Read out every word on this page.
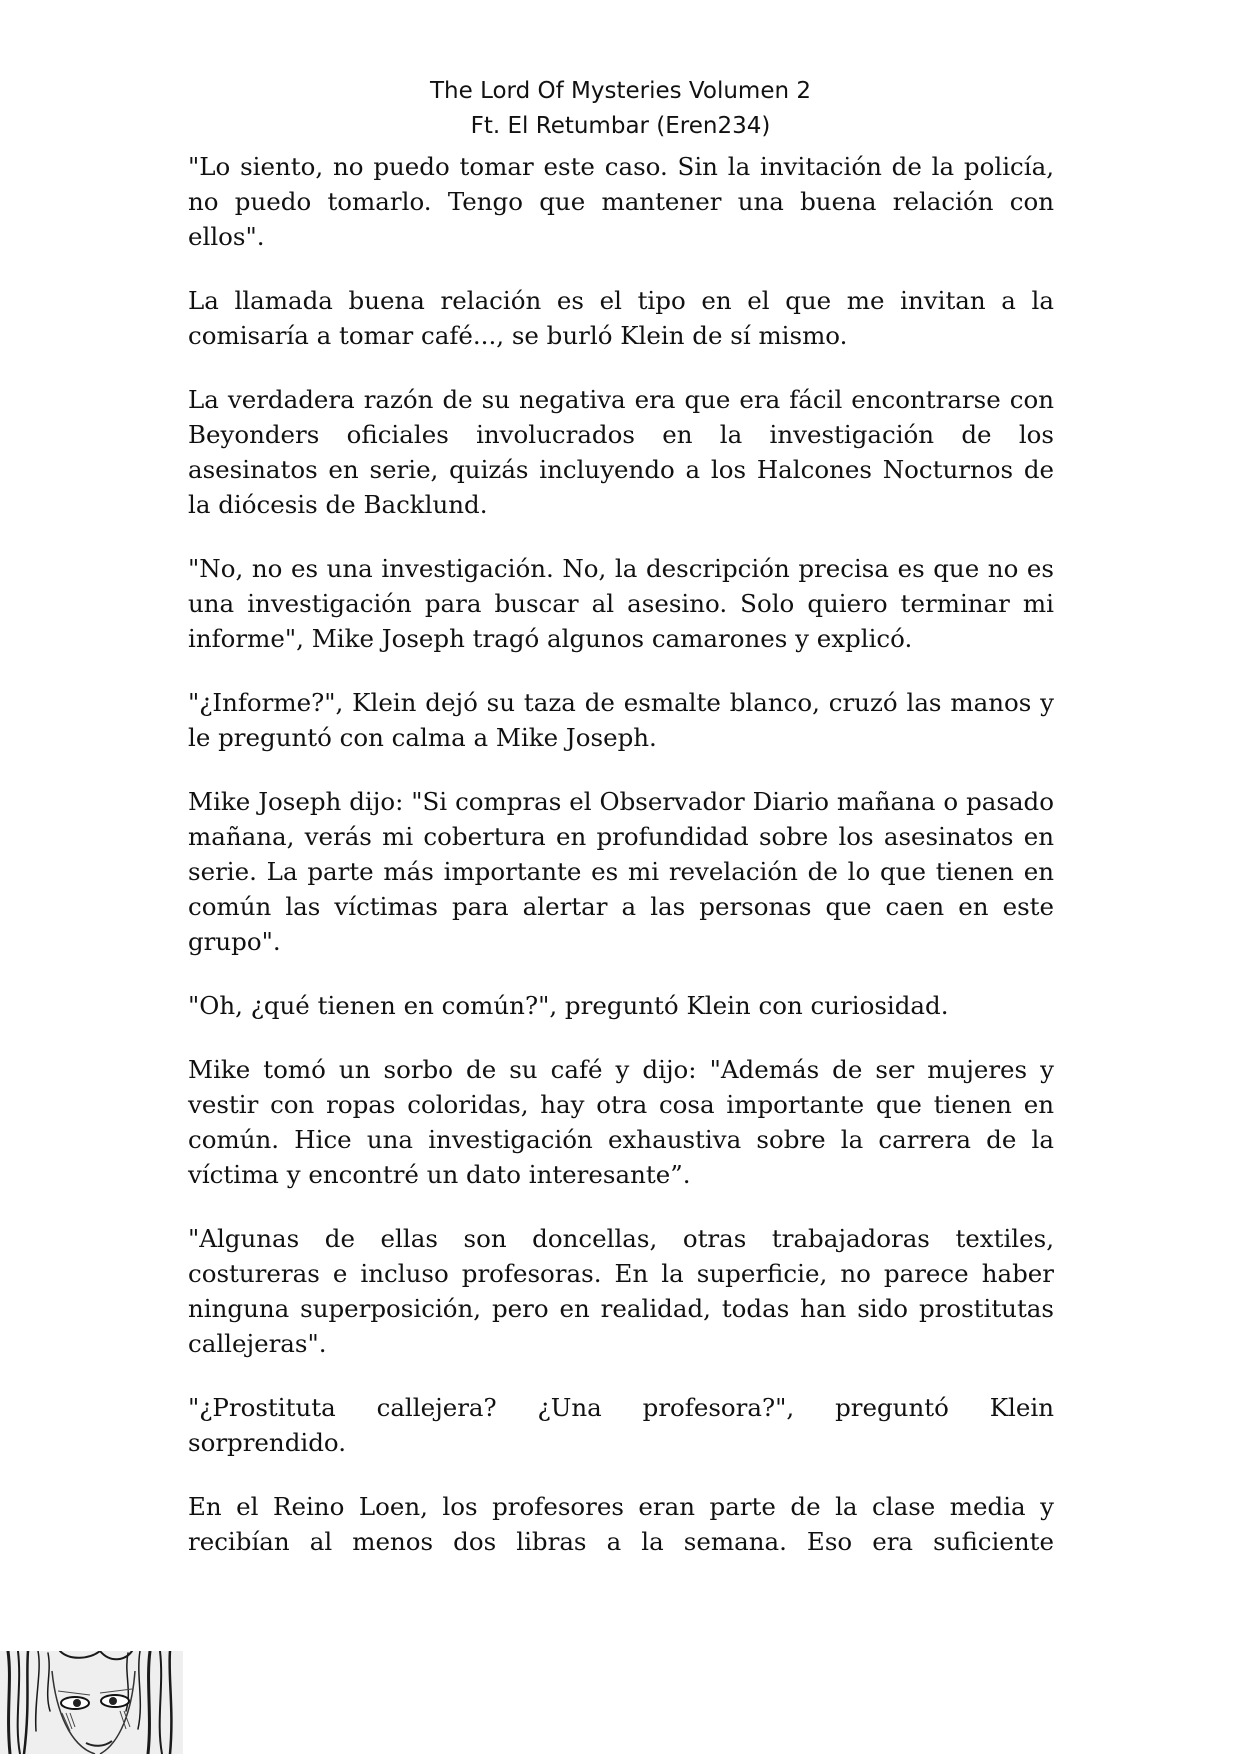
The Lord Of Mysteries Volumen 2
Ft. El Retumbar (Eren234)

"Lo siento, no puedo tomar este caso. Sin la invitación de la policía, no puedo tomarlo. Tengo que mantener una buena relación con ellos".

La llamada buena relación es el tipo en el que me invitan a la comisaría a tomar café..., se burló Klein de sí mismo.

La verdadera razón de su negativa era que era fácil encontrarse con Beyonders oficiales involucrados en la investigación de los asesinatos en serie, quizás incluyendo a los Halcones Nocturnos de la diócesis de Backlund.

"No, no es una investigación. No, la descripción precisa es que no es una investigación para buscar al asesino. Solo quiero terminar mi informe", Mike Joseph tragó algunos camarones y explicó.

"¿Informe?", Klein dejó su taza de esmalte blanco, cruzó las manos y le preguntó con calma a Mike Joseph.

Mike Joseph dijo: "Si compras el Observador Diario mañana o pasado mañana, verás mi cobertura en profundidad sobre los asesinatos en serie. La parte más importante es mi revelación de lo que tienen en común las víctimas para alertar a las personas que caen en este grupo".

"Oh, ¿qué tienen en común?", preguntó Klein con curiosidad.

Mike tomó un sorbo de su café y dijo: "Además de ser mujeres y vestir con ropas coloridas, hay otra cosa importante que tienen en común. Hice una investigación exhaustiva sobre la carrera de la víctima y encontré un dato interesante”.

"Algunas de ellas son doncellas, otras trabajadoras textiles, costureras e incluso profesoras. En la superficie, no parece haber ninguna superposición, pero en realidad, todas han sido prostitutas callejeras".

"¿Prostituta callejera? ¿Una profesora?", preguntó Klein sorprendido.

En el Reino Loen, los profesores eran parte de la clase media y recibían al menos dos libras a la semana. Eso era suficiente
